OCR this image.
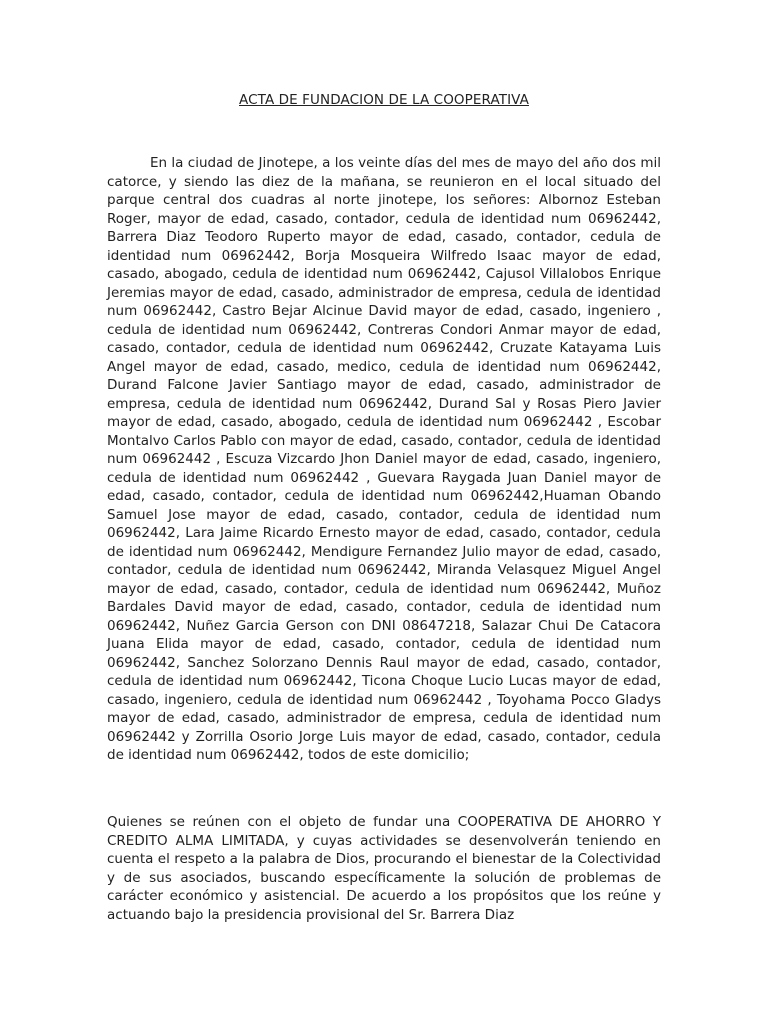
ACTA DE FUNDACION DE LA COOPERATIVA

En la ciudad de Jinotepe, a los veinte días del mes de mayo del año dos mil catorce, y siendo las diez de la mañana, se reunieron en el local situado del parque central dos cuadras al norte jinotepe, los señores: Albornoz Esteban Roger, mayor de edad, casado, contador, cedula de identidad num 06962442, Barrera Diaz Teodoro Ruperto mayor de edad, casado, contador, cedula de identidad num 06962442, Borja Mosqueira Wilfredo Isaac mayor de edad, casado, abogado, cedula de identidad num 06962442, Cajusol Villalobos Enrique Jeremias mayor de edad, casado, administrador de empresa, cedula de identidad num 06962442, Castro Bejar Alcinue David mayor de edad, casado, ingeniero , cedula de identidad num 06962442, Contreras Condori Anmar mayor de edad, casado, contador, cedula de identidad num 06962442, Cruzate Katayama Luis Angel mayor de edad, casado, medico, cedula de identidad num 06962442, Durand Falcone Javier Santiago mayor de edad, casado, administrador de empresa, cedula de identidad num 06962442, Durand Sal y Rosas Piero Javier mayor de edad, casado, abogado, cedula de identidad num 06962442 , Escobar Montalvo Carlos Pablo con mayor de edad, casado, contador, cedula de identidad num 06962442 , Escuza Vizcardo Jhon Daniel mayor de edad, casado, ingeniero, cedula de identidad num 06962442 , Guevara Raygada Juan Daniel mayor de edad, casado, contador, cedula de identidad num 06962442,Huaman Obando Samuel Jose mayor de edad, casado, contador, cedula de identidad num 06962442, Lara Jaime Ricardo Ernesto mayor de edad, casado, contador, cedula de identidad num 06962442, Mendigure Fernandez Julio mayor de edad, casado, contador, cedula de identidad num 06962442, Miranda Velasquez Miguel Angel mayor de edad, casado, contador, cedula de identidad num 06962442, Muñoz Bardales David mayor de edad, casado, contador, cedula de identidad num 06962442, Nuñez Garcia Gerson con DNI 08647218, Salazar Chui De Catacora Juana Elida mayor de edad, casado, contador, cedula de identidad num 06962442, Sanchez Solorzano Dennis Raul mayor de edad, casado, contador, cedula de identidad num 06962442, Ticona Choque Lucio Lucas mayor de edad, casado, ingeniero, cedula de identidad num 06962442 , Toyohama Pocco Gladys mayor de edad, casado, administrador de empresa, cedula de identidad num 06962442 y Zorrilla Osorio Jorge Luis mayor de edad, casado, contador, cedula de identidad num 06962442, todos de este domicilio;

Quienes se reúnen con el objeto de fundar una COOPERATIVA DE AHORRO Y CREDITO ALMA LIMITADA, y cuyas actividades se desenvolverán teniendo en cuenta el respeto a la palabra de Dios, procurando el bienestar de la Colectividad y de sus asociados, buscando específicamente la solución de problemas de carácter económico y asistencial. De acuerdo a los propósitos que los reúne y actuando bajo la presidencia provisional del Sr. Barrera Diaz
